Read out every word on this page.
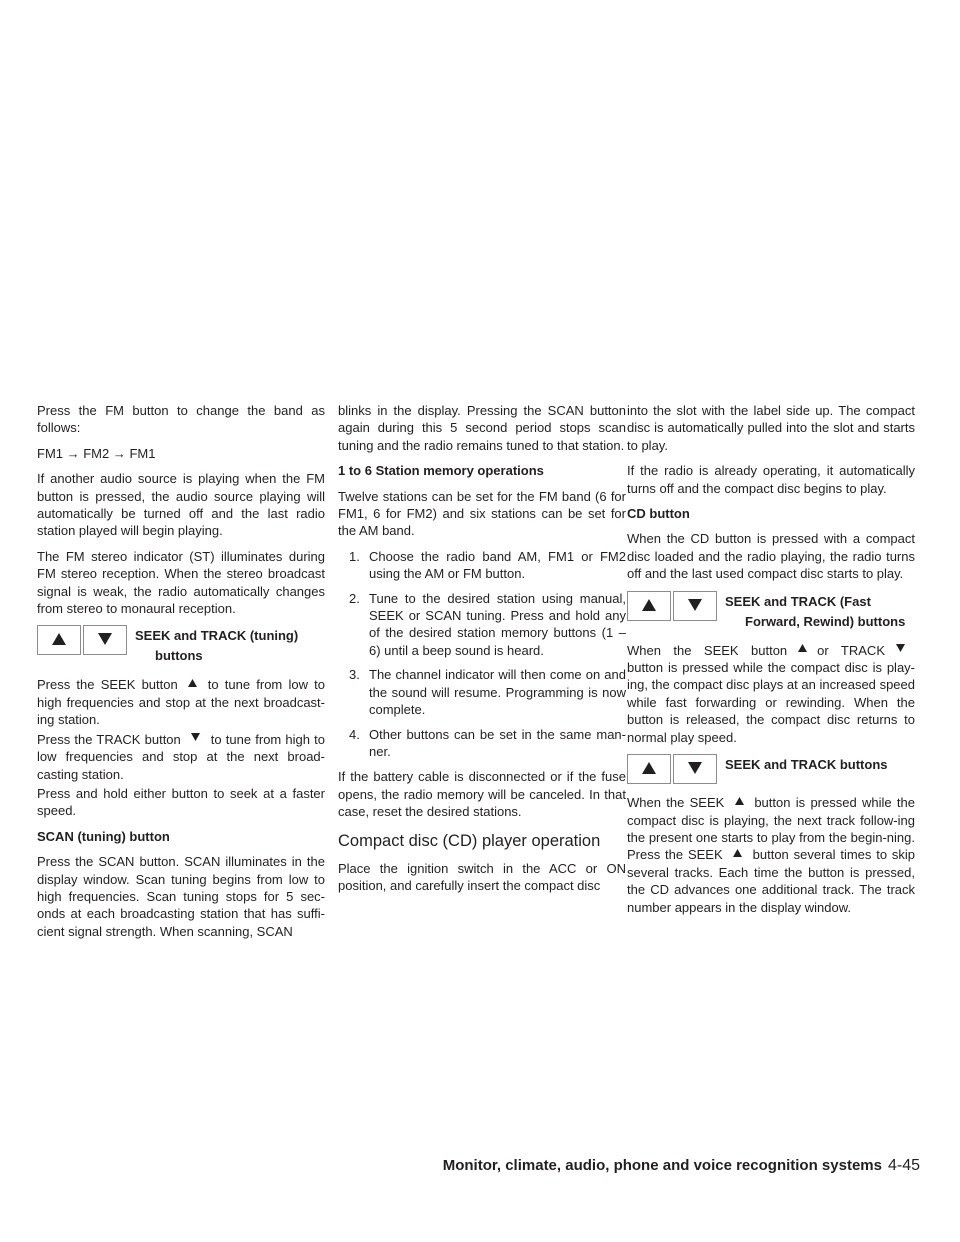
Press the FM button to change the band as follows:

FM1 → FM2 → FM1

If another audio source is playing when the FM button is pressed, the audio source playing will automatically be turned off and the last radio station played will begin playing.

The FM stereo indicator (ST) illuminates during FM stereo reception. When the stereo broadcast signal is weak, the radio automatically changes from stereo to monaural reception.

SEEK and TRACK (tuning)
buttons

Press the SEEK button to tune from low to high frequencies and stop at the next broadcast-ing station.

Press the TRACK button to tune from high to low frequencies and stop at the next broad-casting station.

Press and hold either button to seek at a faster speed.

SCAN (tuning) button

Press the SCAN button. SCAN illuminates in the display window. Scan tuning begins from low to high frequencies. Scan tuning stops for 5 sec-onds at each broadcasting station that has suffi-cient signal strength. When scanning, SCAN

blinks in the display. Pressing the SCAN button again during this 5 second period stops scan tuning and the radio remains tuned to that station.

1 to 6 Station memory operations

Twelve stations can be set for the FM band (6 for FM1, 6 for FM2) and six stations can be set for the AM band.

1. Choose the radio band AM, FM1 or FM2 using the AM or FM button.
2. Tune to the desired station using manual, SEEK or SCAN tuning. Press and hold any of the desired station memory buttons (1 – 6) until a beep sound is heard.
3. The channel indicator will then come on and the sound will resume. Programming is now complete.
4. Other buttons can be set in the same man-ner.

If the battery cable is disconnected or if the fuse opens, the radio memory will be canceled. In that case, reset the desired stations.

Compact disc (CD) player operation

Place the ignition switch in the ACC or ON position, and carefully insert the compact disc

into the slot with the label side up. The compact disc is automatically pulled into the slot and starts to play.

If the radio is already operating, it automatically turns off and the compact disc begins to play.

CD button

When the CD button is pressed with a compact disc loaded and the radio playing, the radio turns off and the last used compact disc starts to play.

SEEK and TRACK (Fast
Forward, Rewind) buttons

When the SEEK button or TRACKbutton is pressed while the compact disc is play-ing, the compact disc plays at an increased speed while fast forwarding or rewinding. When the button is released, the compact disc returns to normal play speed.

SEEK and TRACK buttons

When the SEEK button is pressed while the compact disc is playing, the next track follow-ing the present one starts to play from the begin-ning. Press the SEEK button several times to skip several tracks. Each time the button is pressed, the CD advances one additional track. The track number appears in the display window.

Monitor, climate, audio, phone and voice recognition systems 4-45
